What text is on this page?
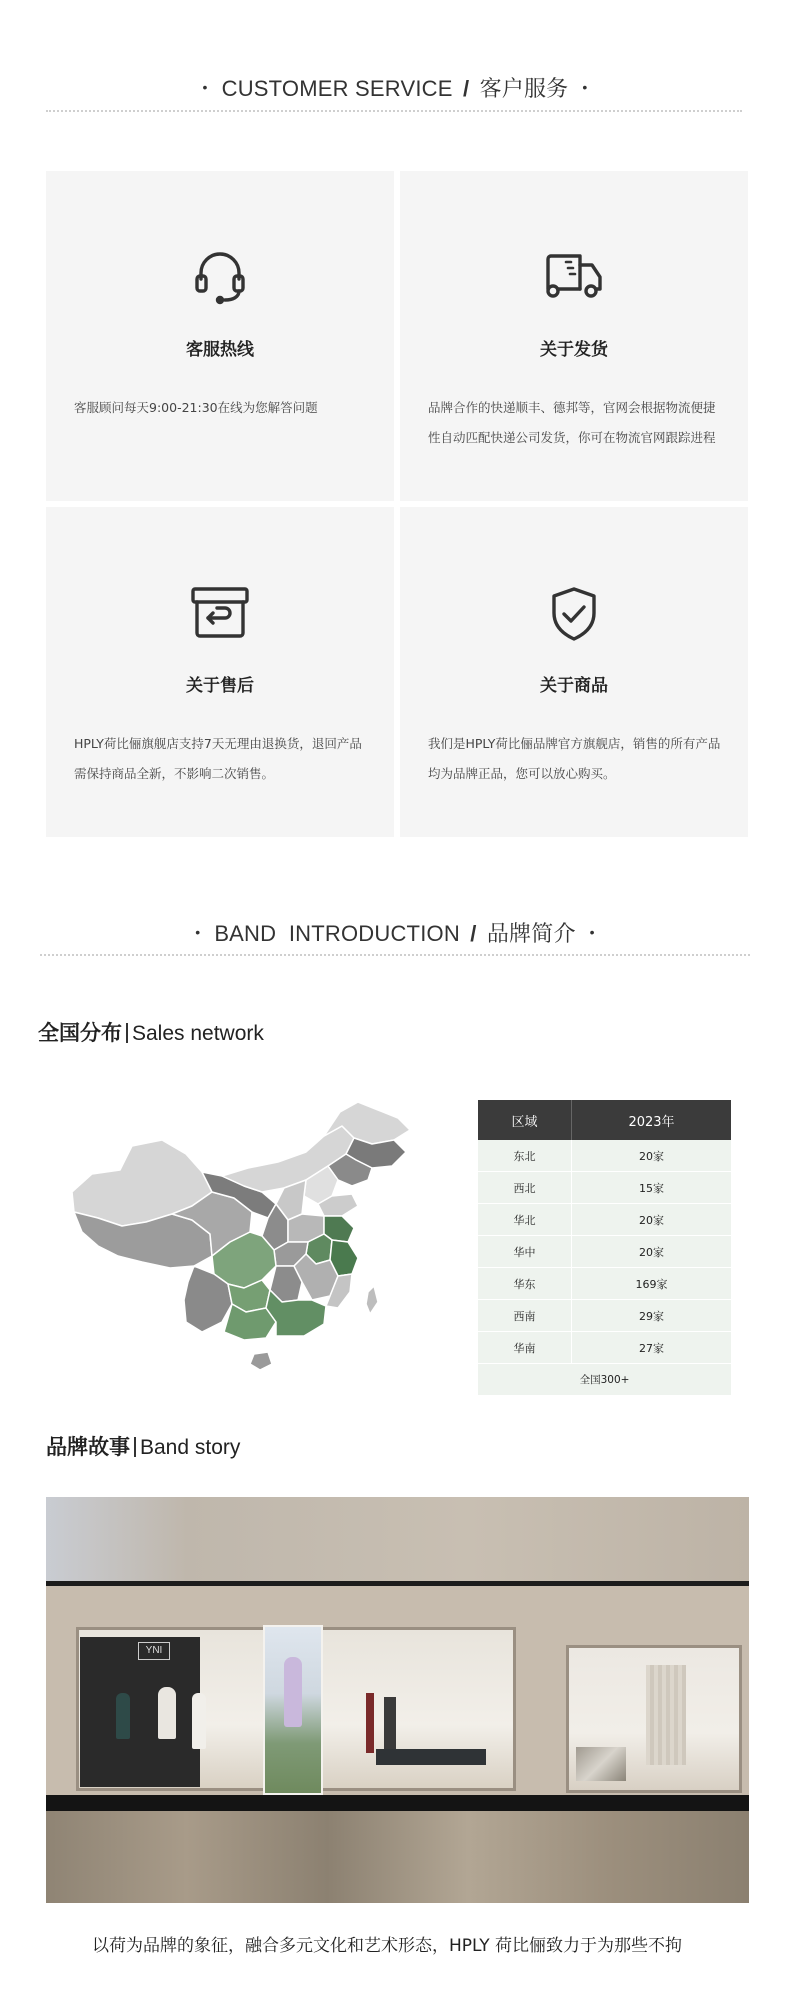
• CUSTOMER SERVICE / 客户服务 •
客服热线
客服顾问每天9:00-21:30在线为您解答问题
关于发货
品牌合作的快递顺丰、德邦等，官网会根据物流便捷性自动匹配快递公司发货，你可在物流官网跟踪进程
关于售后
HPLY荷比俪旗舰店支持7天无理由退换货，退回产品需保持商品全新，不影响二次销售。
关于商品
我们是HPLY荷比俪品牌官方旗舰店，销售的所有产品均为品牌正品，您可以放心购买。
• BAND  INTRODUCTION / 品牌简介 •
全国分布 Sales network
区域	2023年
东北	20家
西北	15家
华北	20家
华中	20家
华东	169家
西南	29家
华南	27家
全国300+	
品牌故事 Band story
YNI
以荷为品牌的象征，融合多元文化和艺术形态，HPLY 荷比俪致力于为那些不拘
